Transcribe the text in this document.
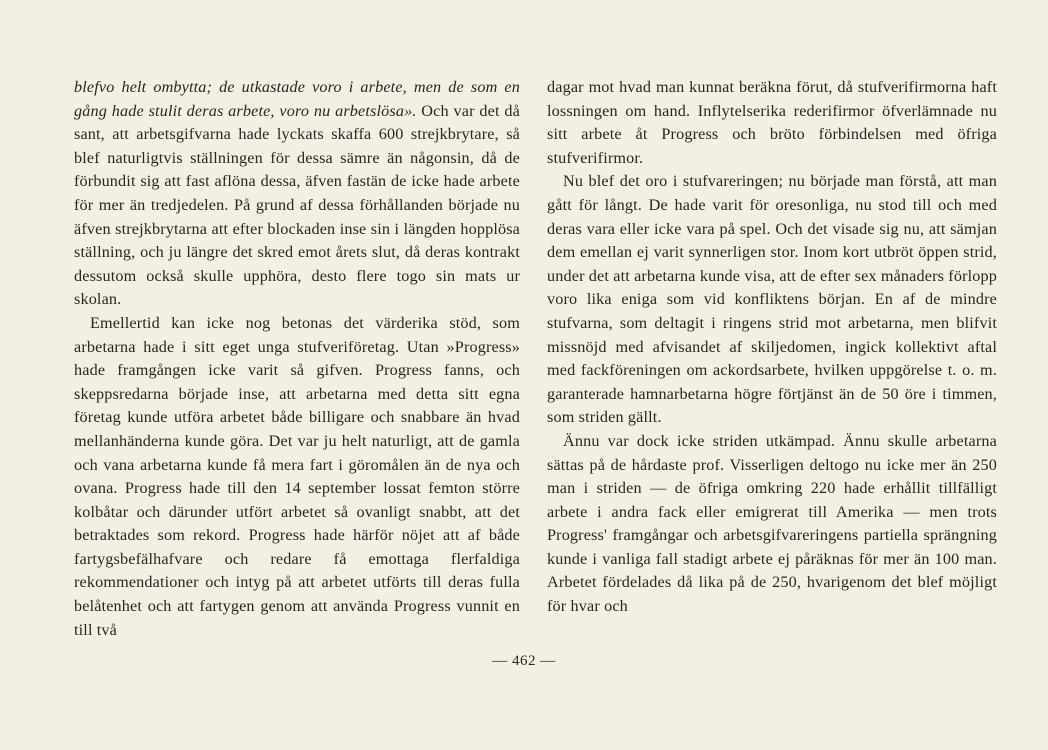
blefvo helt ombytta; de utkastade voro i arbete, men de som en gång hade stulit deras arbete, voro nu arbetslösa». Och var det då sant, att arbetsgifvarna hade lyckats skaffa 600 strejkbrytare, så blef naturligtvis ställningen för dessa sämre än någonsin, då de förbundit sig att fast aflöna dessa, äfven fastän de icke hade arbete för mer än tredjedelen. På grund af dessa förhållanden började nu äfven strejkbrytarna att efter blockaden inse sin i längden hopplösa ställning, och ju längre det skred emot årets slut, då deras kontrakt dessutom också skulle upphöra, desto flere togo sin mats ur skolan.

Emellertid kan icke nog betonas det värderika stöd, som arbetarna hade i sitt eget unga stufveriföretag. Utan »Progress» hade framgången icke varit så gifven. Progress fanns, och skeppsredarna började inse, att arbetarna med detta sitt egna företag kunde utföra arbetet både billigare och snabbare än hvad mellanhänderna kunde göra. Det var ju helt naturligt, att de gamla och vana arbetarna kunde få mera fart i göromålen än de nya och ovana. Progress hade till den 14 september lossat femton större kolbåtar och därunder utfört arbetet så ovanligt snabbt, att det betraktades som rekord. Progress hade härför nöjet att af både fartygsbefälhafvare och redare få emottaga flerfaldiga rekommendationer och intyg på att arbetet utförts till deras fulla belåtenhet och att fartygen genom att använda Progress vunnit en till två

dagar mot hvad man kunnat beräkna förut, då stufverifirmorna haft lossningen om hand. Inflytelserika rederifirmor öfverlämnade nu sitt arbete åt Progress och bröto förbindelsen med öfriga stufverifirmor.

Nu blef det oro i stufvareringen; nu började man förstå, att man gått för långt. De hade varit för oresonliga, nu stod till och med deras vara eller icke vara på spel. Och det visade sig nu, att sämjan dem emellan ej varit synnerligen stor. Inom kort utbröt öppen strid, under det att arbetarna kunde visa, att de efter sex månaders förlopp voro lika eniga som vid konfliktens början. En af de mindre stufvarna, som deltagit i ringens strid mot arbetarna, men blifvit missnöjd med afvisandet af skiljedomen, ingick kollektivt aftal med fackföreningen om ackordsarbete, hvilken uppgörelse t. o. m. garanterade hamnarbetarna högre förtjänst än de 50 öre i timmen, som striden gällt.

Ännu var dock icke striden utkämpad. Ännu skulle arbetarna sättas på de hårdaste prof. Visserligen deltogo nu icke mer än 250 man i striden — de öfriga omkring 220 hade erhållit tillfälligt arbete i andra fack eller emigrerat till Amerika — men trots Progress' framgångar och arbetsgifvareringens partiella sprängning kunde i vanliga fall stadigt arbete ej påräknas för mer än 100 man. Arbetet fördelades då lika på de 250, hvarigenom det blef möjligt för hvar och

— 462 —
